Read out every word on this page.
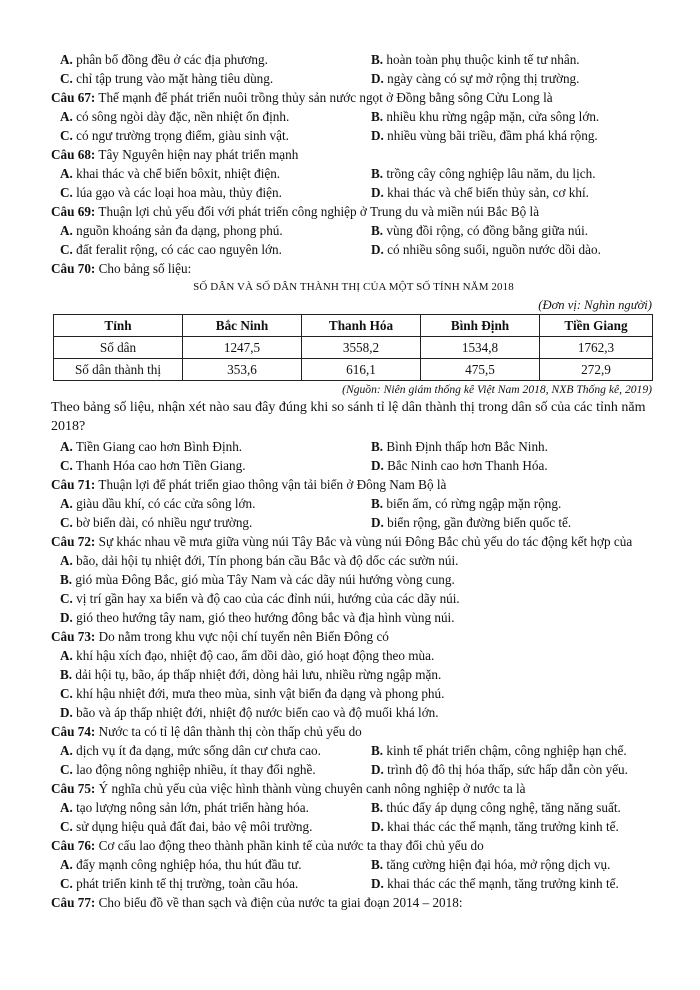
A. phân bố đồng đều ở các địa phương.	B. hoàn toàn phụ thuộc kinh tế tư nhân.
C. chỉ tập trung vào mặt hàng tiêu dùng.	D. ngày càng có sự mở rộng thị trường.
Câu 67: Thế mạnh để phát triển nuôi trồng thủy sản nước ngọt ở Đồng bằng sông Cửu Long là
A. có sông ngòi dày đặc, nền nhiệt ổn định.	B. nhiều khu rừng ngập mặn, cửa sông lớn.
C. có ngư trường trọng điểm, giàu sinh vật.	D. nhiều vùng bãi triều, đầm phá khá rộng.
Câu 68: Tây Nguyên hiện nay phát triển mạnh
A. khai thác và chế biến bôxit, nhiệt điện.	B. trồng cây công nghiệp lâu năm, du lịch.
C. lúa gạo và các loại hoa màu, thủy điện.	D. khai thác và chế biến thủy sản, cơ khí.
Câu 69: Thuận lợi chủ yếu đối với phát triển công nghiệp ở Trung du và miền núi Bắc Bộ là
A. nguồn khoáng sản đa dạng, phong phú.	B. vùng đồi rộng, có đồng bằng giữa núi.
C. đất feralit rộng, có các cao nguyên lớn.	D. có nhiều sông suối, nguồn nước dồi dào.
Câu 70: Cho bảng số liệu:
SỐ DÂN VÀ SỐ DÂN THÀNH THỊ CỦA MỘT SỐ TỈNH NĂM 2018
(Đơn vị: Nghìn người)
Tỉnh	Bắc Ninh	Thanh Hóa	Bình Định	Tiền Giang
Số dân	1247,5	3558,2	1534,8	1762,3
Số dân thành thị	353,6	616,1	475,5	272,9
(Nguồn: Niên giám thống kê Việt Nam 2018, NXB Thống kê, 2019)
Theo bảng số liệu, nhận xét nào sau đây đúng khi so sánh tỉ lệ dân thành thị trong dân số của các tỉnh năm 2018?
A. Tiền Giang cao hơn Bình Định.	B. Bình Định thấp hơn Bắc Ninh.
C. Thanh Hóa cao hơn Tiền Giang.	D. Bắc Ninh cao hơn Thanh Hóa.
Câu 71: Thuận lợi để phát triển giao thông vận tải biển ở Đông Nam Bộ là
A. giàu dầu khí, có các cửa sông lớn.	B. biển ấm, có rừng ngập mặn rộng.
C. bờ biển dài, có nhiều ngư trường.	D. biển rộng, gần đường biển quốc tế.
Câu 72: Sự khác nhau về mưa giữa vùng núi Tây Bắc và vùng núi Đông Bắc chủ yếu do tác động kết hợp của
A. bão, dải hội tụ nhiệt đới, Tín phong bán cầu Bắc và độ dốc các sườn núi.
B. gió mùa Đông Bắc, gió mùa Tây Nam và các dãy núi hướng vòng cung.
C. vị trí gần hay xa biển và độ cao của các đỉnh núi, hướng của các dãy núi.
D. gió theo hướng tây nam, gió theo hướng đông bắc và địa hình vùng núi.
Câu 73: Do nằm trong khu vực nội chí tuyến nên Biển Đông có
A. khí hậu xích đạo, nhiệt độ cao, ẩm dồi dào, gió hoạt động theo mùa.
B. dải hội tụ, bão, áp thấp nhiệt đới, dòng hải lưu, nhiều rừng ngập mặn.
C. khí hậu nhiệt đới, mưa theo mùa, sinh vật biển đa dạng và phong phú.
D. bão và áp thấp nhiệt đới, nhiệt độ nước biển cao và độ muối khá lớn.
Câu 74: Nước ta có tỉ lệ dân thành thị còn thấp chủ yếu do
A. dịch vụ ít đa dạng, mức sống dân cư chưa cao.	B. kinh tế phát triển chậm, công nghiệp hạn chế.
C. lao động nông nghiệp nhiều, ít thay đổi nghề.	D. trình độ đô thị hóa thấp, sức hấp dẫn còn yếu.
Câu 75: Ý nghĩa chủ yếu của việc hình thành vùng chuyên canh nông nghiệp ở nước ta là
A. tạo lượng nông sản lớn, phát triển hàng hóa.	B. thúc đẩy áp dụng công nghệ, tăng năng suất.
C. sử dụng hiệu quả đất đai, bảo vệ môi trường.	D. khai thác các thế mạnh, tăng trưởng kinh tế.
Câu 76: Cơ cấu lao động theo thành phần kinh tế của nước ta thay đổi chủ yếu do
A. đẩy mạnh công nghiệp hóa, thu hút đầu tư.	B. tăng cường hiện đại hóa, mở rộng dịch vụ.
C. phát triển kinh tế thị trường, toàn cầu hóa.	D. khai thác các thế mạnh, tăng trưởng kinh tế.
Câu 77: Cho biểu đồ về than sạch và điện của nước ta giai đoạn 2014 – 2018:
